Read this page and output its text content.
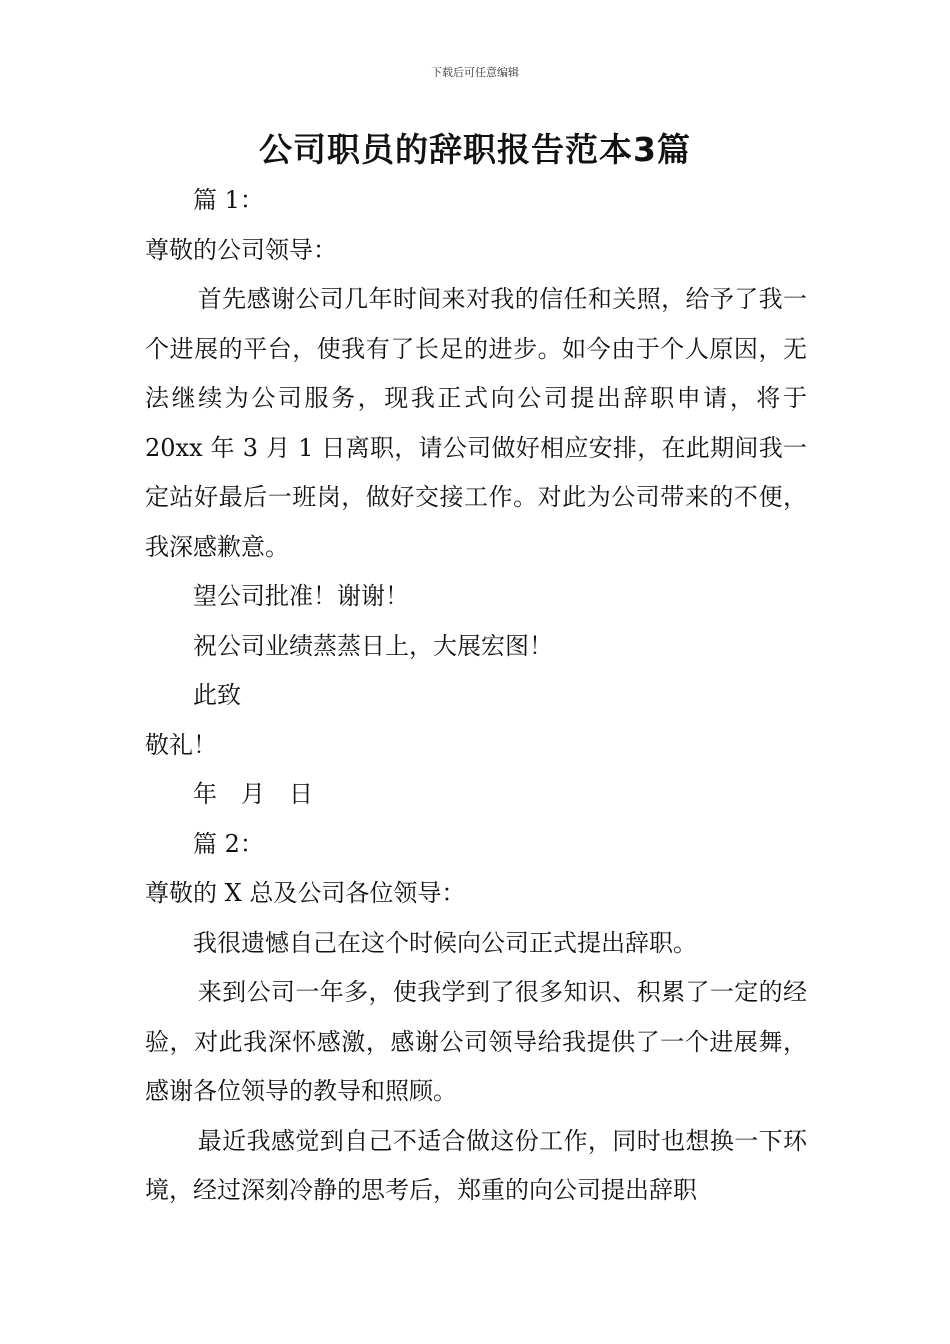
下载后可任意编辑
公司职员的辞职报告范本3篇

篇 1：

尊敬的公司领导：

首先感谢公司几年时间来对我的信任和关照，给予了我一个进展的平台，使我有了长足的进步。如今由于个人原因，无法继续为公司服务，现我正式向公司提出辞职申请，将于 20xx 年 3 月 1 日离职，请公司做好相应安排，在此期间我一定站好最后一班岗，做好交接工作。对此为公司带来的不便，我深感歉意。

望公司批准！谢谢！

祝公司业绩蒸蒸日上，大展宏图！

此致

敬礼！

年　月　日

篇 2：

尊敬的 X 总及公司各位领导：

我很遗憾自己在这个时候向公司正式提出辞职。

来到公司一年多，使我学到了很多知识、积累了一定的经验，对此我深怀感激，感谢公司领导给我提供了一个进展舞，感谢各位领导的教导和照顾。

最近我感觉到自己不适合做这份工作，同时也想换一下环境，经过深刻冷静的思考后，郑重的向公司提出辞职
